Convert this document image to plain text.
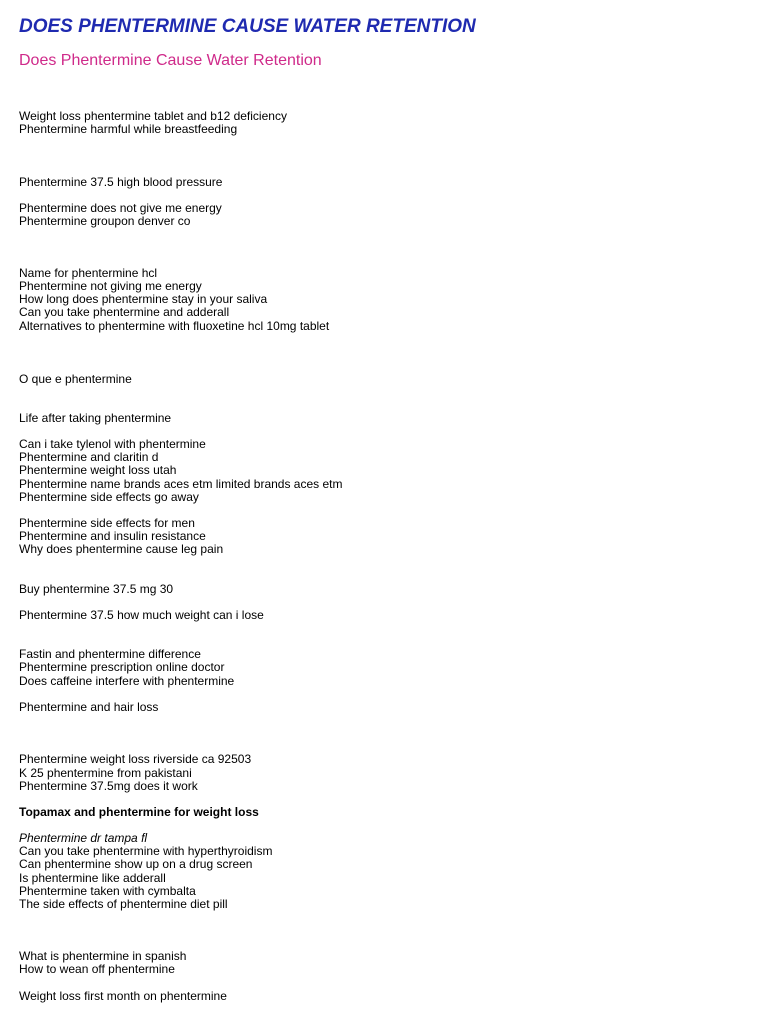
DOES PHENTERMINE CAUSE WATER RETENTION
Does Phentermine Cause Water Retention

Weight loss phentermine tablet and b12 deficiency

Phentermine harmful while breastfeeding

Phentermine 37.5 high blood pressure

Phentermine does not give me energy

Phentermine groupon denver co

Name for phentermine hcl

Phentermine not giving me energy

How long does phentermine stay in your saliva

Can you take phentermine and adderall

Alternatives to phentermine with fluoxetine hcl 10mg tablet

O que e phentermine

Life after taking phentermine

Can i take tylenol with phentermine

Phentermine and claritin d

Phentermine weight loss utah

Phentermine name brands aces etm limited brands aces etm

Phentermine side effects go away

Phentermine side effects for men

Phentermine and insulin resistance

Why does phentermine cause leg pain

Buy phentermine 37.5 mg 30

Phentermine 37.5 how much weight can i lose

Fastin and phentermine difference

Phentermine prescription online doctor

Does caffeine interfere with phentermine

Phentermine and hair loss

Phentermine weight loss riverside ca 92503

K 25 phentermine from pakistani

Phentermine 37.5mg does it work

Topamax and phentermine for weight loss

Phentermine dr tampa fl

Can you take phentermine with hyperthyroidism

Can phentermine show up on a drug screen

Is phentermine like adderall

Phentermine taken with cymbalta

The side effects of phentermine diet pill

What is phentermine in spanish

How to wean off phentermine

Weight loss first month on phentermine
